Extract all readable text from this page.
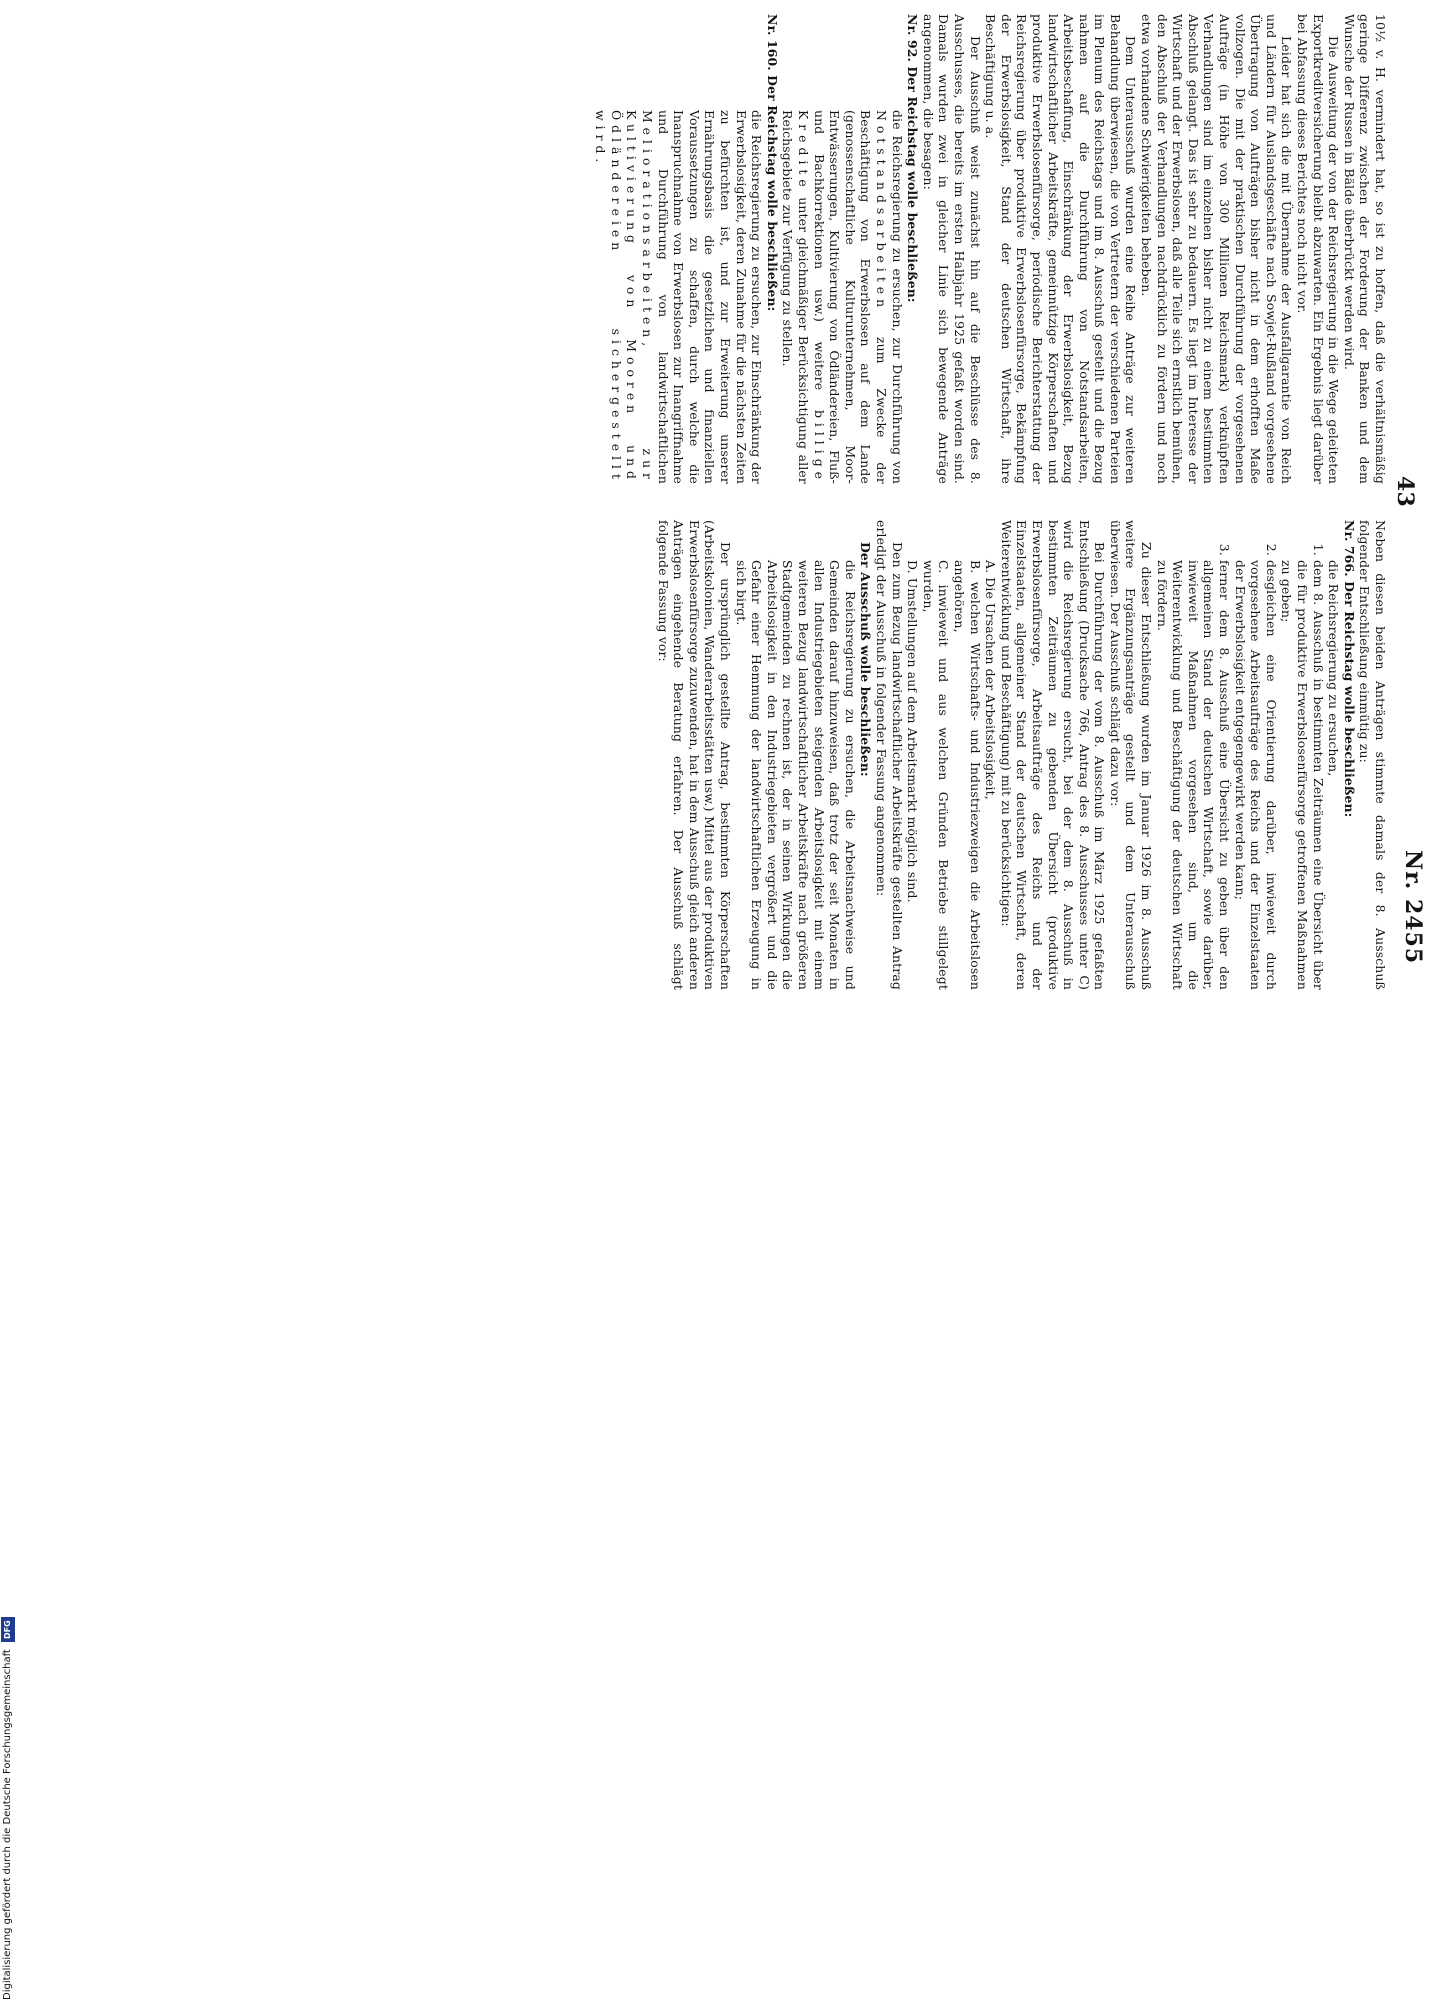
43
Nr. 2455

10½ v. H. vermindert hat, so ist zu hoffen, daß die verhältnismäßig geringe Differenz zwischen der Forderung der Banken und dem Wunsche der Russen in Bälde überbrückt werden wird.

Die Ausweitung der von der Reichsregierung in die Wege geleiteten Exportkreditversicherung bleibt abzuwarten. Ein Ergebnis liegt darüber bei Abfassung dieses Berichtes noch nicht vor.

Leider hat sich die mit Übernahme der Ausfallgarantie von Reich und Ländern für Auslandsgeschäfte nach Sowjet-Rußland vorgesehene Übertragung von Aufträgen bisher nicht in dem erhofften Maße vollzogen. Die mit der praktischen Durchführung der vorgesehenen Aufträge (in Höhe von 300 Millionen Reichsmark) verknüpften Verhandlungen sind im einzelnen bisher nicht zu einem bestimmten Abschluß gelangt. Das ist sehr zu bedauern. Es liegt im Interesse der Wirtschaft und der Erwerbslosen, daß alle Teile sich ernstlich bemühen, den Abschluß der Verhandlungen nachdrücklich zu fördern und noch etwa vorhandene Schwierigkeiten beheben.

Dem Unterausschuß wurden eine Reihe Anträge zur weiteren Behandlung überwiesen, die von Vertretern der verschiedenen Parteien im Plenum des Reichstags und im 8. Ausschuß gestellt und die Bezug nahmen auf die Durchführung von Notstandsarbeiten, Arbeitsbeschaffung, Einschränkung der Erwerbslosigkeit, Bezug landwirtschaftlicher Arbeitskräfte, gemeinnützige Körperschaften und produktive Erwerbslosenfürsorge, periodische Berichterstattung der Reichsregierung über produktive Erwerbslosenfürsorge, Bekämpfung der Erwerbslosigkeit, Stand der deutschen Wirtschaft, ihre Beschäftigung u. a.

Der Ausschuß weist zunächst hin auf die Beschlüsse des 8. Ausschusses, die bereits im ersten Halbjahr 1925 gefaßt worden sind. Damals wurden zwei in gleicher Linie sich bewegende Anträge angenommen, die besagen:

Nr. 92. Der Reichstag wolle beschließen:

die Reichsregierung zu ersuchen, zur Durchführung von Notstandsarbeiten zum Zwecke der Beschäftigung von Erwerbslosen auf dem Lande (genossenschaftliche Kulturunternehmen, Moor-Entwässerungen, Kultivierung von Ödländereien, Fluß- und Bachkorrektionen usw.) weitere billige Kredite unter gleichmäßiger Berücksichtigung aller Reichsgebiete zur Verfügung zu stellen.

Nr. 160. Der Reichstag wolle beschließen:

die Reichsregierung zu ersuchen, zur Einschränkung der Erwerbslosigkeit, deren Zunahme für die nächsten Zeiten zu befürchten ist, und zur Erweiterung unserer Ernährungsbasis die gesetzlichen und finanziellen Voraussetzungen zu schaffen, durch welche die Inanspruchnahme von Erwerbslosen zur Inangriffnahme und Durchführung von landwirtschaftlichen Meliorationsarbeiten, zur Kultivierung von Mooren und Ödländereien sichergestellt wird.

Neben diesen beiden Anträgen stimmte damals der 8. Ausschuß folgender Entschließung einmütig zu:

Nr. 766. Der Reichstag wolle beschließen:

die Reichsregierung zu ersuchen,

1. dem 8. Ausschuß in bestimmten Zeiträumen eine Übersicht über die für produktive Erwerbslosenfürsorge getroffenen Maßnahmen zu geben;
2. desgleichen eine Orientierung darüber, inwieweit durch vorgesehene Arbeitsaufträge des Reichs und der Einzelstaaten der Erwerbslosigkeit entgegengewirkt werden kann;
3. ferner dem 8. Ausschuß eine Übersicht zu geben über den allgemeinen Stand der deutschen Wirtschaft, sowie darüber, inwieweit Maßnahmen vorgesehen sind, um die Weiterentwicklung und Beschäftigung der deutschen Wirtschaft zu fördern.

Zu dieser Entschließung wurden im Januar 1926 im 8. Ausschuß weitere Ergänzungsanträge gestellt und dem Unterausschuß überwiesen. Der Ausschuß schlägt dazu vor:

Bei Durchführung der vom 8. Ausschuß im März 1925 gefaßten Entschließung (Drucksache 766, Antrag des 8. Ausschusses unter C) wird die Reichsregierung ersucht, bei der dem 8. Ausschuß in bestimmten Zeiträumen zu gebenden Übersicht (produktive Erwerbslosenfürsorge, Arbeitsaufträge des Reichs und der Einzelstaaten, allgemeiner Stand der deutschen Wirtschaft, deren Weiterentwicklung und Beschäftigung) mit zu berücksichtigen:

A. Die Ursachen der Arbeitslosigkeit,

B. welchen Wirtschafts- und Industriezweigen die Arbeitslosen angehören,

C. inwieweit und aus welchen Gründen Betriebe stillgelegt wurden,

D. Umstellungen auf dem Arbeitsmarkt möglich sind.

Den zum Bezug landwirtschaftlicher Arbeitskräfte gestellten Antrag erledigt der Ausschuß in folgender Fassung angenommen:

Der Ausschuß wolle beschließen:

die Reichsregierung zu ersuchen, die Arbeitsnachweise und Gemeinden darauf hinzuweisen, daß trotz der seit Monaten in allen Industriegebieten steigenden Arbeitslosigkeit mit einem weiteren Bezug landwirtschaftlicher Arbeitskräfte nach größeren Stadtgemeinden zu rechnen ist, der in seinen Wirkungen die Arbeitslosigkeit in den Industriegebieten vergrößert und die Gefahr einer Hemmung der landwirtschaftlichen Erzeugung in sich birgt.

Der ursprünglich gestellte Antrag, bestimmten Körperschaften (Arbeitskolonien, Wanderarbeitsstätten usw.) Mittel aus der produktiven Erwerbslosenfürsorge zuzuwenden, hat in dem Ausschuß gleich anderen Anträgen eingehende Beratung erfahren. Der Ausschuß schlägt folgende Fassung vor:

Digitalisierung gefördert durch die Deutsche Forschungsgemeinschaft DFG
